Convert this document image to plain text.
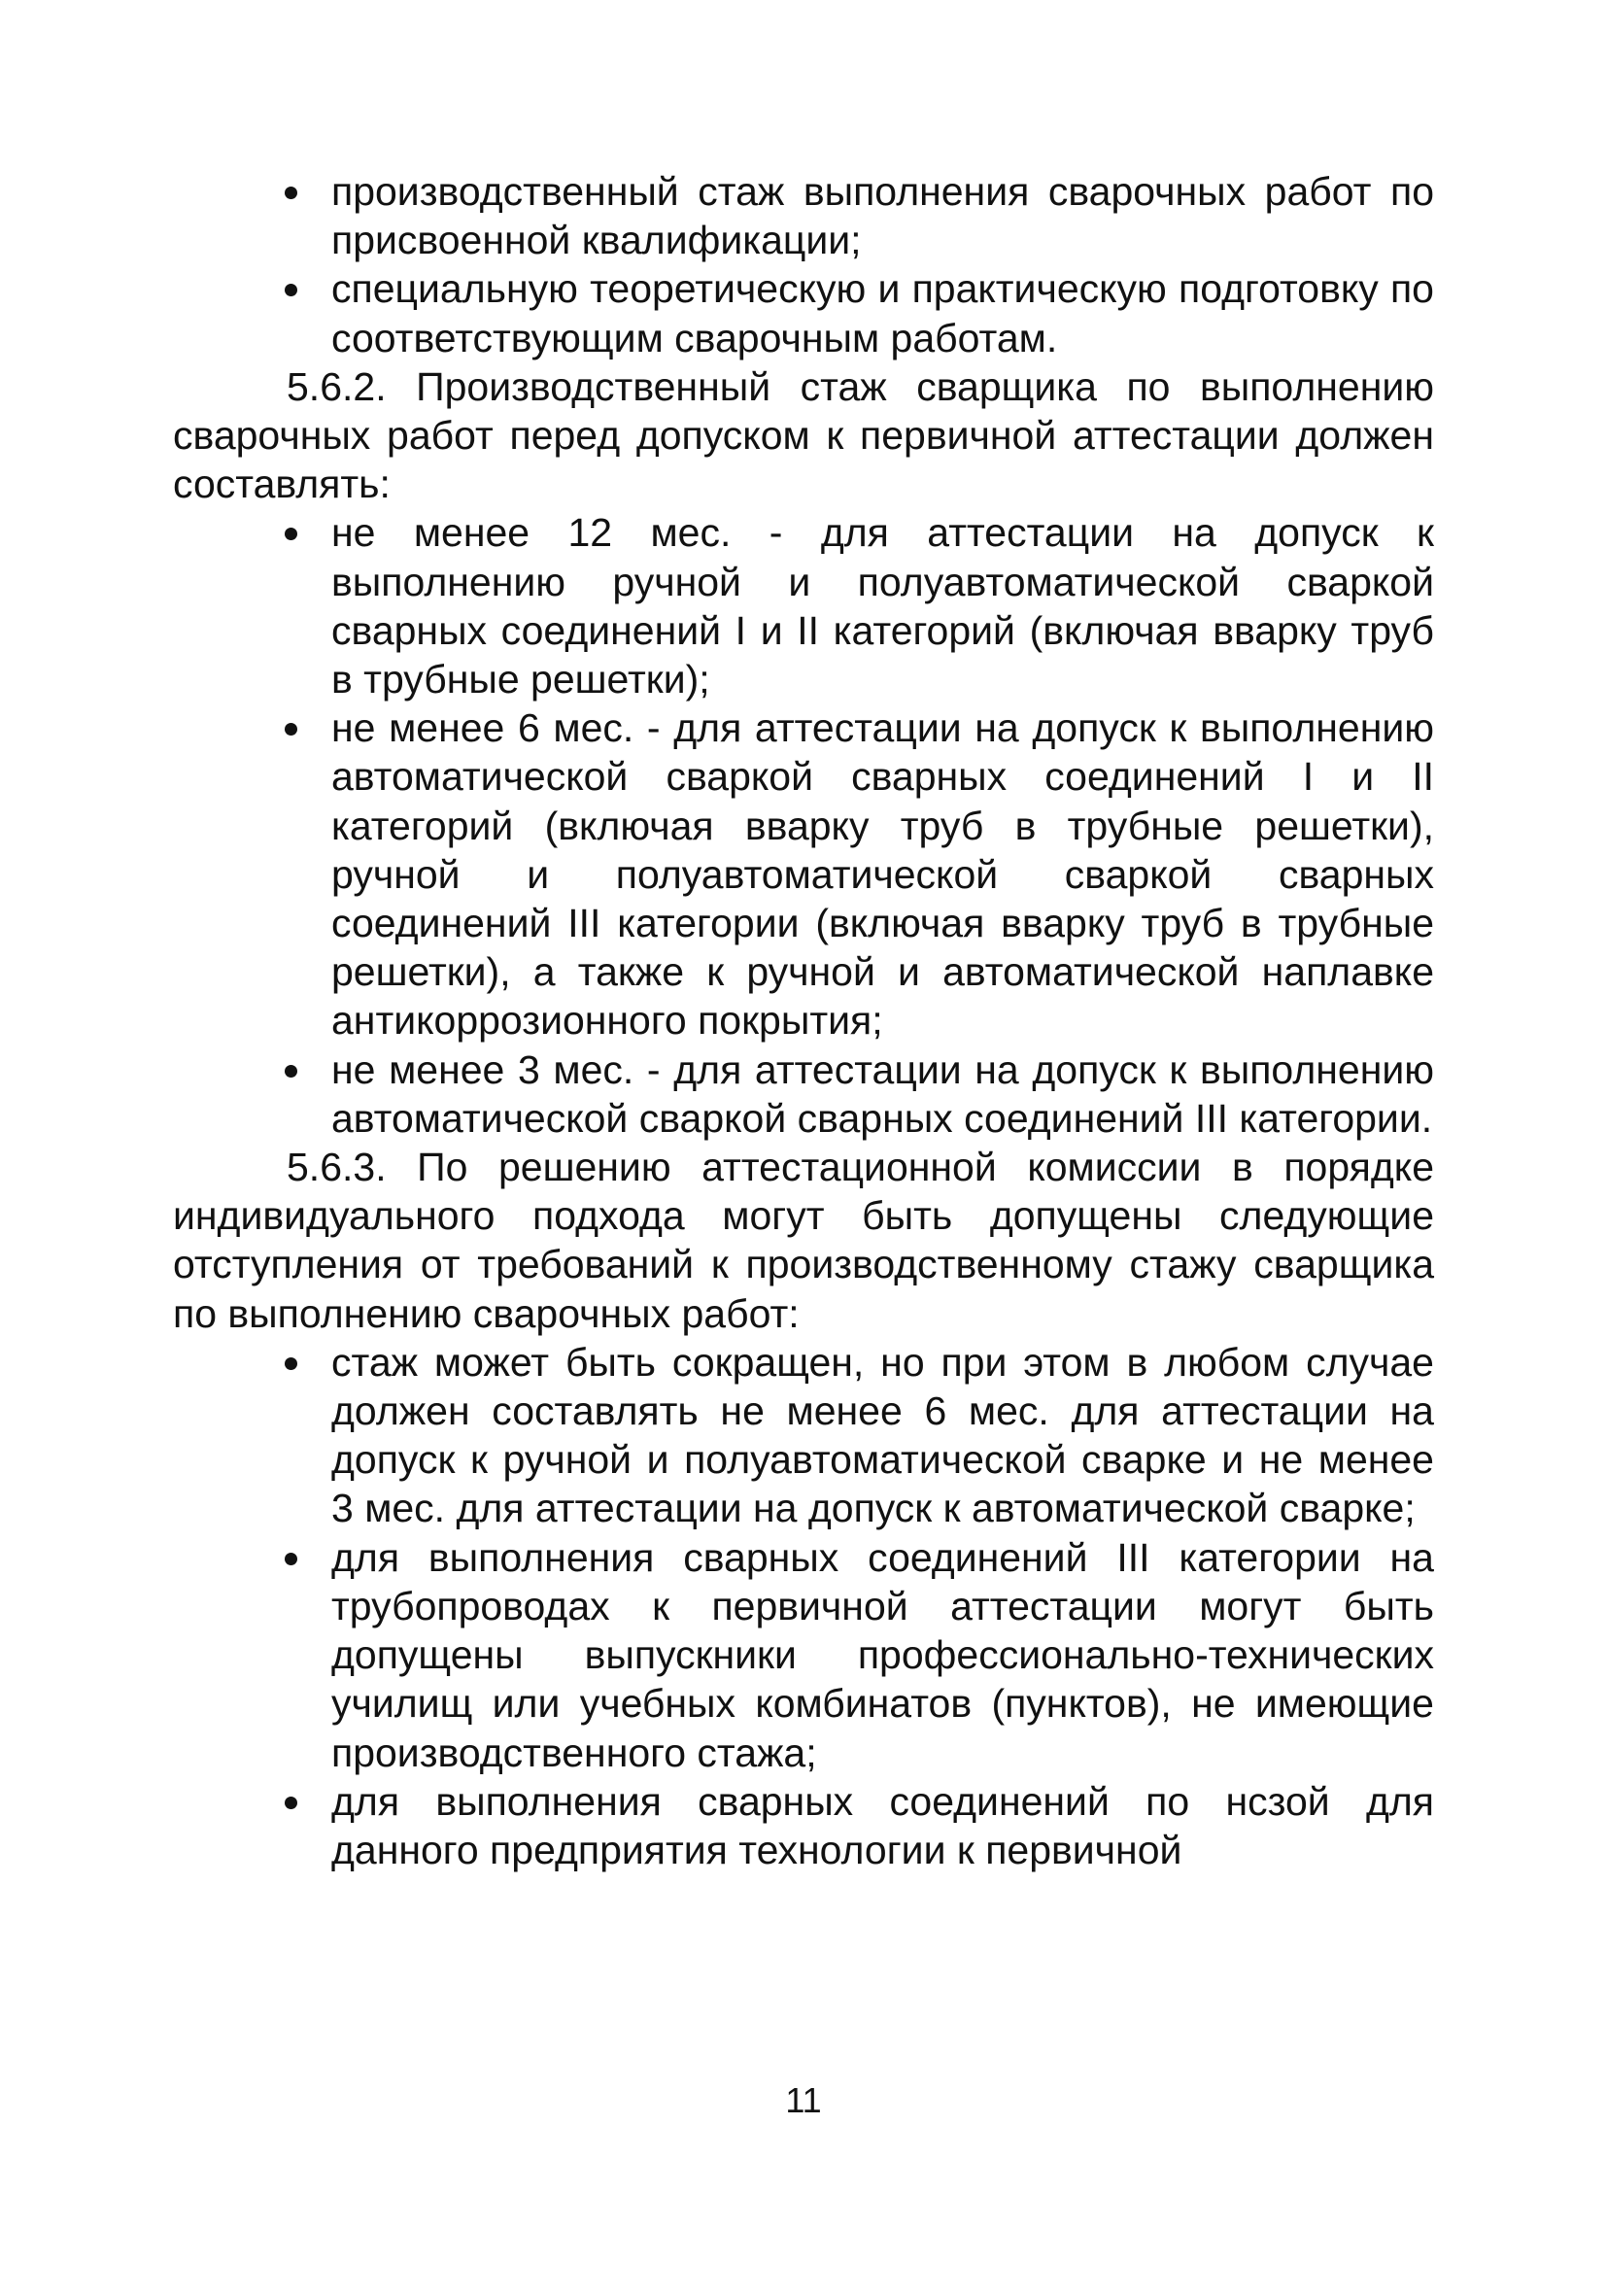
производственный стаж выполнения сварочных работ по присвоенной квалификации;
специальную теоретическую и практическую подготовку по соответствующим сварочным работам.
5.6.2. Производственный стаж сварщика по выполнению сварочных работ перед допуском к первичной аттестации должен составлять:
не менее 12 мес. - для аттестации на допуск к выполнению ручной и полуавтоматической сваркой сварных соединений I и II категорий (включая вварку труб в трубные решетки);
не менее 6 мес. - для аттестации на допуск к выполнению автоматической сваркой сварных соединений I и II категорий (включая вварку труб в трубные решетки), ручной и полуавтоматической сваркой сварных соединений III категории (включая вварку труб в трубные решетки), а также к ручной и автоматической наплавке антикоррозионного покрытия;
не менее 3 мес. - для аттестации на допуск к выполнению автоматической сваркой сварных соединений III категории.
5.6.3. По решению аттестационной комиссии в порядке индивидуального подхода могут быть допущены следующие отступления от требований к производственному стажу сварщика по выполнению сварочных работ:
стаж может быть сокращен, но при этом в любом случае должен составлять не менее 6 мес. для аттестации на допуск к ручной и полуавтоматической сварке и не менее 3 мес. для аттестации на допуск к автоматической сварке;
для выполнения сварных соединений III категории на трубопроводах к первичной аттестации могут быть допущены выпускники профессионально-технических училищ или учебных комбинатов (пунктов), не имеющие производственного стажа;
для выполнения сварных соединений по нсзой для данного предприятия технологии к первичной
11
